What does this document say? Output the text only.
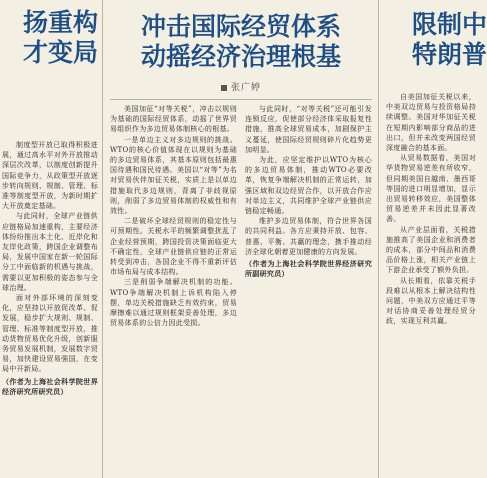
扬重构
才变局

制度型开放已取得积极进展，通过高水平对外开放推动深层次改革，以制度创新提升国际竞争力，从政策型开放逐步转向规则、规制、管理、标准等制度型开放，为新时期扩大开放奠定基础。

与此同时，全球产业链供应链格局加速重构，主要经济体纷纷推出本土化、近岸化和友岸化政策，跨国企业调整布局，发展中国家在新一轮国际分工中面临新的机遇与挑战，需要以更加积极的姿态参与全球治理。

面对外部环境的深刻变化，应坚持以开放促改革、促发展，稳步扩大规则、规制、管理、标准等制度型开放，推动货物贸易优化升级，创新服务贸易发展机制，发展数字贸易，加快建设贸易强国，在变局中开新局。

（作者为上海社会科学院世界经济研究所研究员）
冲击国际经贸体系
动摇经济治理根基
张广婷

美国加征“对等关税”，冲击以规则为基础的国际经贸体系，动摇了世界贸易组织作为多边贸易体制核心的根基。

一是单边主义对多边规则的挑战。WTO的核心价值体现在以规则为基础的多边贸易体系，其基本原则包括最惠国待遇和国民待遇。美国以“对等”为名对贸易伙伴加征关税，实质上是以单边措施取代多边规则，背离了非歧视原则，削弱了多边贸易体制的权威性和有效性。

二是破坏全球经贸规则的稳定性与可预期性。关税水平的频繁调整扰乱了企业经营预期，跨国投资决策面临更大不确定性，全球产业链供应链的正常运转受到冲击，各国企业不得不重新评估市场布局与成本结构。

三是削弱争端解决机制的功能。WTO争端解决机制上诉机构陷入停摆，单边关税措施缺乏有效约束，贸易摩擦难以通过规则框架妥善处理，多边贸易体系的公信力因此受损。

与此同时，“对等关税”还可能引发连锁反应，促使部分经济体采取报复性措施，推高全球贸易成本，加剧保护主义蔓延，使国际经贸规则碎片化趋势更加明显。

为此，应坚定维护以WTO为核心的多边贸易体制，推动WTO必要改革，恢复争端解决机制的正常运转，加强区域和双边经贸合作，以开放合作应对单边主义，共同维护全球产业链供应链稳定畅通。

维护多边贸易体制，符合世界各国的共同利益。各方应秉持开放、包容、普惠、平衡、共赢的理念，携手推动经济全球化朝着更加健康的方向发展。

（作者为上海社会科学院世界经济研究所副研究员）
限制中
特朗普

自美国加征关税以来，中美双边贸易与投资格局持续调整。美国对华加征关税在短期内影响部分商品的进出口，但并未改变两国经贸深度融合的基本面。

从贸易数据看，美国对华货物贸易逆差有所收窄，但同期美国自越南、墨西哥等国的进口明显增加，显示出贸易转移效应，美国整体贸易逆差并未因此显著改善。

从产业层面看，关税措施推高了美国企业和消费者的成本，部分中间品和消费品价格上涨，相关产业链上下游企业承受了额外负担。

从长期看，依靠关税手段难以从根本上解决结构性问题，中美双方应通过平等对话协商妥善处理经贸分歧，实现互利共赢。
